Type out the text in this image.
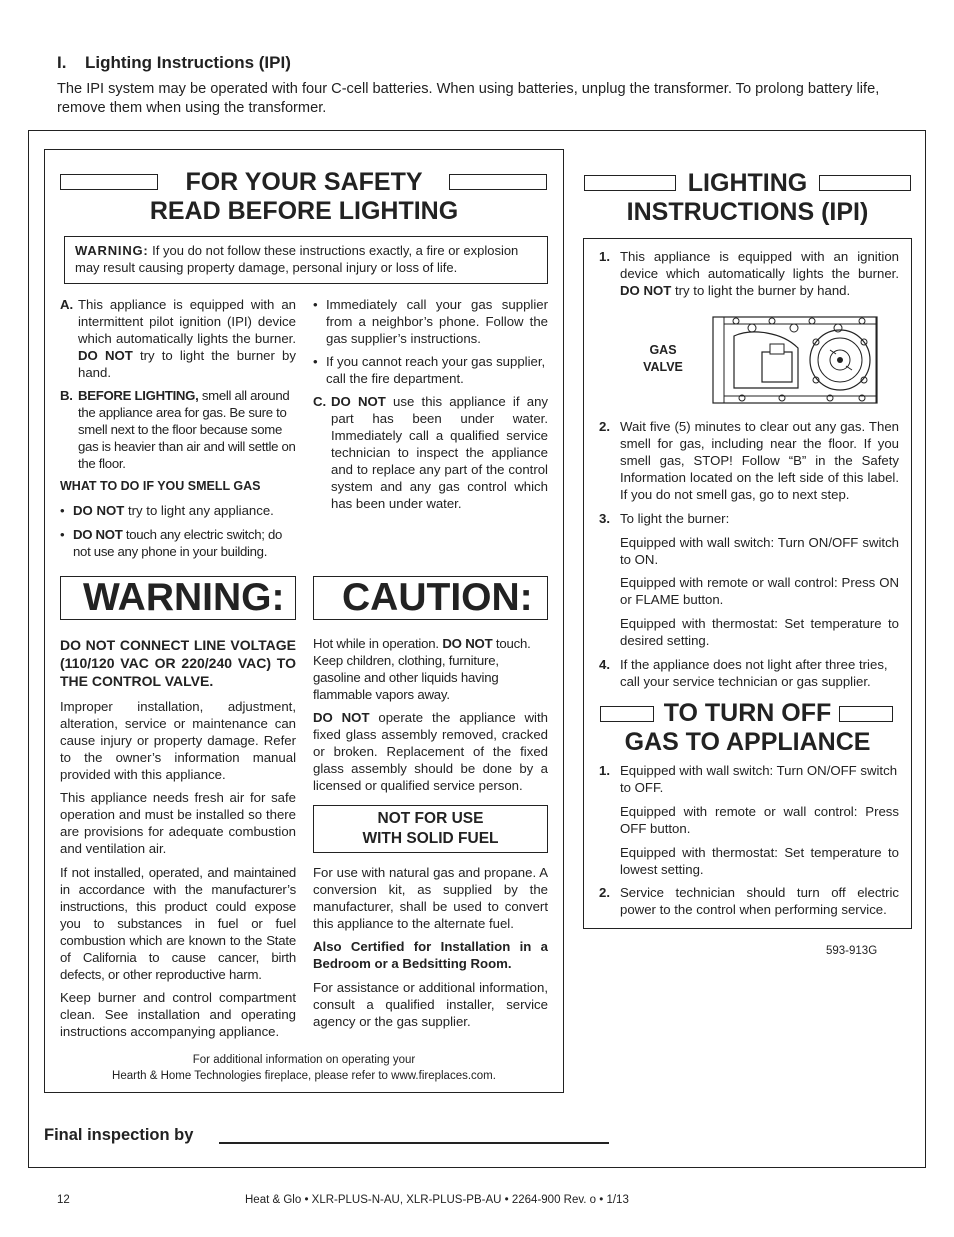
I. Lighting Instructions (IPI)
The IPI system may be operated with four C-cell batteries. When using batteries, unplug the transformer. To prolong battery life, remove them when using the transformer.
FOR YOUR SAFETY
READ BEFORE LIGHTING
WARNING: If you do not follow these instructions exactly, a fire or explosion may result causing property damage, personal injury or loss of life.
A. This appliance is equipped with an intermittent pilot ignition (IPI) device which automatically lights the burner. DO NOT try to light the burner by hand.
B. BEFORE LIGHTING, smell all around the appliance area for gas. Be sure to smell next to the floor because some gas is heavier than air and will settle on the floor.
WHAT TO DO IF YOU SMELL GAS
• DO NOT try to light any appliance.
• DO NOT touch any electric switch; do not use any phone in your building.
• Immediately call your gas supplier from a neighbor’s phone. Follow the gas supplier’s instructions.
• If you cannot reach your gas supplier, call the fire department.
C. DO NOT use this appliance if any part has been under water. Immediately call a qualified service technician to inspect the appliance and to replace any part of the control system and any gas control which has been under water.
WARNING:	CAUTION:
DO NOT CONNECT LINE VOLTAGE (110/120 VAC OR 220/240 VAC) TO THE CONTROL VALVE.
Improper installation, adjustment, alteration, service or maintenance can cause injury or property damage. Refer to the owner’s information manual provided with this appliance.
This appliance needs fresh air for safe operation and must be installed so there are provisions for adequate combustion and ventilation air.
If not installed, operated, and maintained in accordance with the manufacturer’s instructions, this product could expose you to substances in fuel or fuel combustion which are known to the State of California to cause cancer, birth defects, or other reproductive harm.
Keep burner and control compartment clean. See installation and operating instructions accompanying appliance.
Hot while in operation. DO NOT touch. Keep children, clothing, furniture, gasoline and other liquids having flammable vapors away.
DO NOT operate the appliance with fixed glass assembly removed, cracked or broken. Replacement of the fixed glass assembly should be done by a licensed or qualified service person.
NOT FOR USE
WITH SOLID FUEL
For use with natural gas and propane. A conversion kit, as supplied by the manufacturer, shall be used to convert this appliance to the alternate fuel.
Also Certified for Installation in a Bedroom or a Bedsitting Room.
For assistance or additional information, consult a qualified installer, service agency or the gas supplier.
For additional information on operating your
Hearth & Home Technologies fireplace, please refer to www.fireplaces.com.
LIGHTING
INSTRUCTIONS (IPI)
1. This appliance is equipped with an ignition device which automatically lights the burner. DO NOT try to light the burner by hand.
GAS
VALVE
2. Wait five (5) minutes to clear out any gas. Then smell for gas, including near the floor. If you smell gas, STOP! Follow “B” in the Safety Information located on the left side of this label. If you do not smell gas, go to next step.
3. To light the burner:
Equipped with wall switch: Turn ON/OFF switch to ON.
Equipped with remote or wall control: Press ON or FLAME button.
Equipped with thermostat: Set temperature to desired setting.
4. If the appliance does not light after three tries, call your service technician or gas supplier.
TO TURN OFF
GAS TO APPLIANCE
1. Equipped with wall switch: Turn ON/OFF switch to OFF.
Equipped with remote or wall control: Press OFF button.
Equipped with thermostat: Set temperature to lowest setting.
2. Service technician should turn off electric power to the control when performing service.
593-913G
Final inspection by
12	Heat & Glo • XLR-PLUS-N-AU, XLR-PLUS-PB-AU • 2264-900 Rev. o • 1/13
